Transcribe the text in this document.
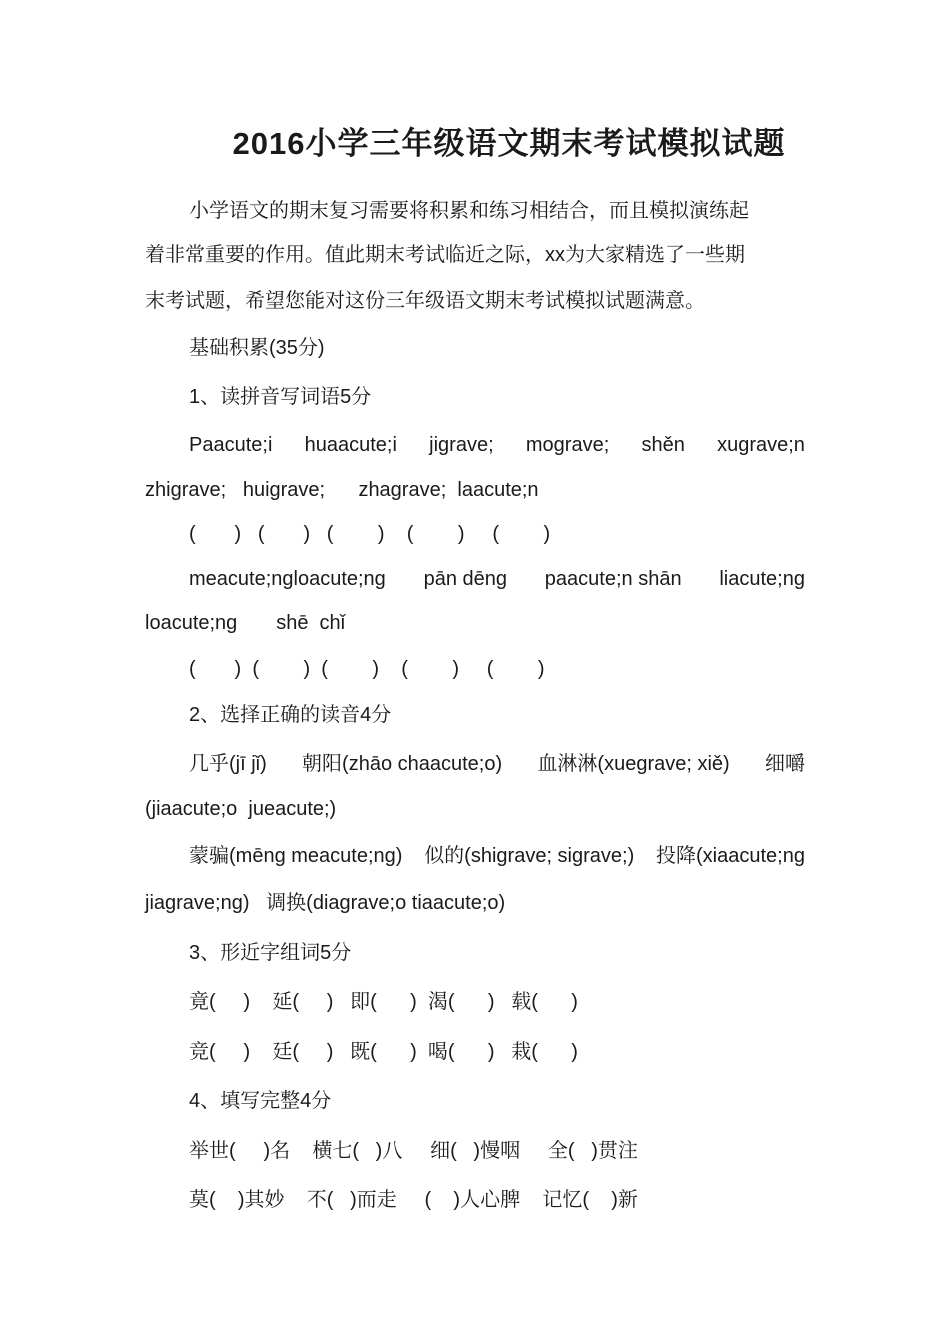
2016小学三年级语文期末考试模拟试题
小学语文的期末复习需要将积累和练习相结合，而且模拟演练起
着非常重要的作用。值此期末考试临近之际，xx为大家精选了一些期
末考试题，希望您能对这份三年级语文期末考试模拟试题满意。
基础积累(35分)
1、读拼音写词语5分
Paacute;i huaacute;i jigrave; mograve; shěn xugrave;n
zhigrave;   huigrave;      zhagrave;  laacute;n
(       )   (       )   (        )    (        )     (        )
meacute;ngloacute;ng pān dēng paacute;n shān liacute;ng
loacute;ng       shē  chǐ
(       )  (        )  (        )    (        )     (        )
2、选择正确的读音4分
几乎(jī jǐ) 朝阳(zhāo chaacute;o) 血淋淋(xuegrave; xiě) 细嚼
(jiaacute;o  jueacute;)
蒙骗(mēng meacute;ng) 似的(shigrave; sigrave;) 投降(xiaacute;ng
jiagrave;ng)   调换(diagrave;o tiaacute;o)
3、形近字组词5分
竟(     )    延(     )   即(      )  渴(      )   载(      )
竞(     )    廷(     )   既(      )  喝(      )   栽(      )
4、填写完整4分
举世(     )名    横七(   )八     细(   )慢咽     全(   )贯注
莫(    )其妙    不(   )而走     (    )人心脾    记忆(    )新
